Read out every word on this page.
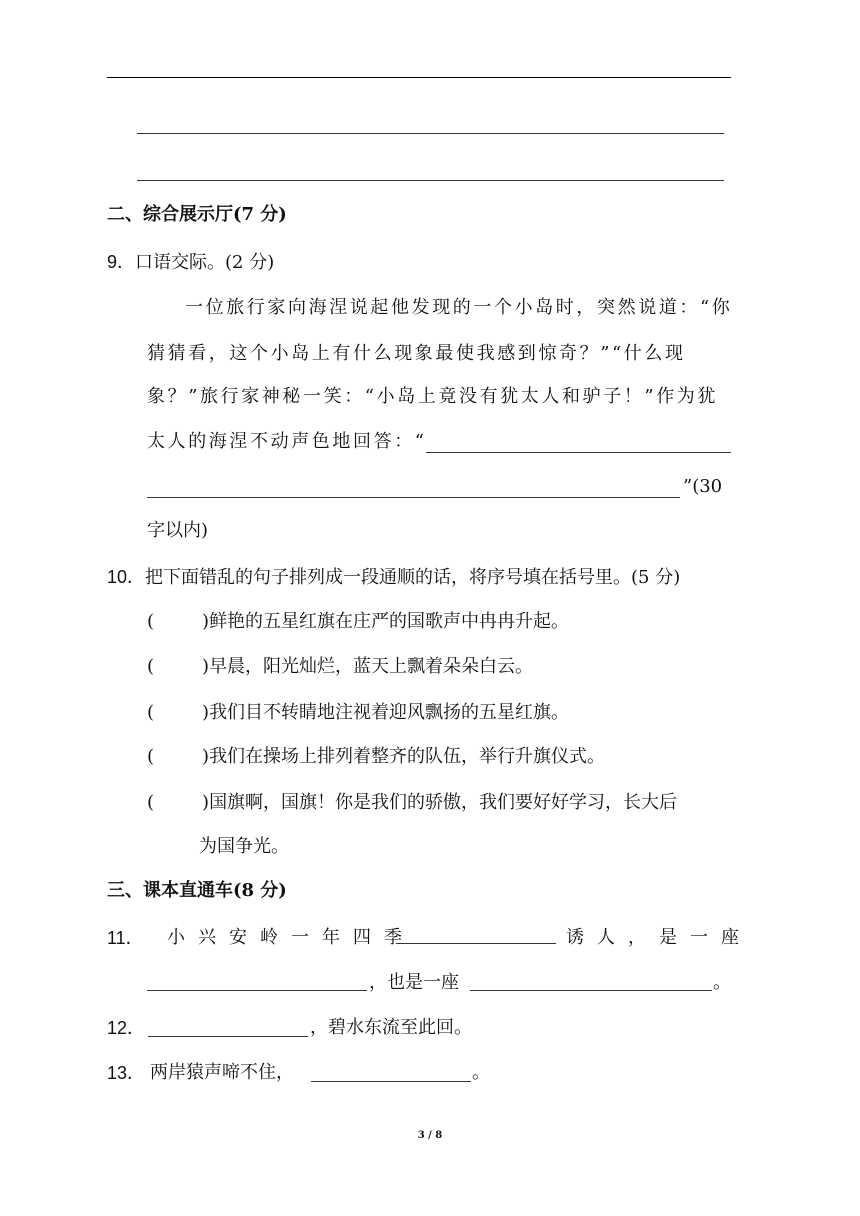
二、综合展示厅(7 分)
9．口语交际。(2 分)
一位旅行家向海涅说起他发现的一个小岛时，突然说道：“你
猜猜看，这个小岛上有什么现象最使我感到惊奇？”“什么现
象？”旅行家神秘一笑：“小岛上竟没有犹太人和驴子！”作为犹
太人的海涅不动声色地回答：“
”(30
字以内)
10．把下面错乱的句子排列成一段通顺的话，将序号填在括号里。(5 分)
(	)鲜艳的五星红旗在庄严的国歌声中冉冉升起。
(	)早晨，阳光灿烂，蓝天上飘着朵朵白云。
(	)我们目不转睛地注视着迎风飘扬的五星红旗。
(	)我们在操场上排列着整齐的队伍，举行升旗仪式。
(	)国旗啊，国旗！你是我们的骄傲，我们要好好学习，长大后
为国争光。
三、课本直通车(8 分)
11． 小兴安岭一年四季	诱人，是一座
，也是一座	。
12．	，碧水东流至此回。
13． 两岸猿声啼不住，	。
3 / 8
